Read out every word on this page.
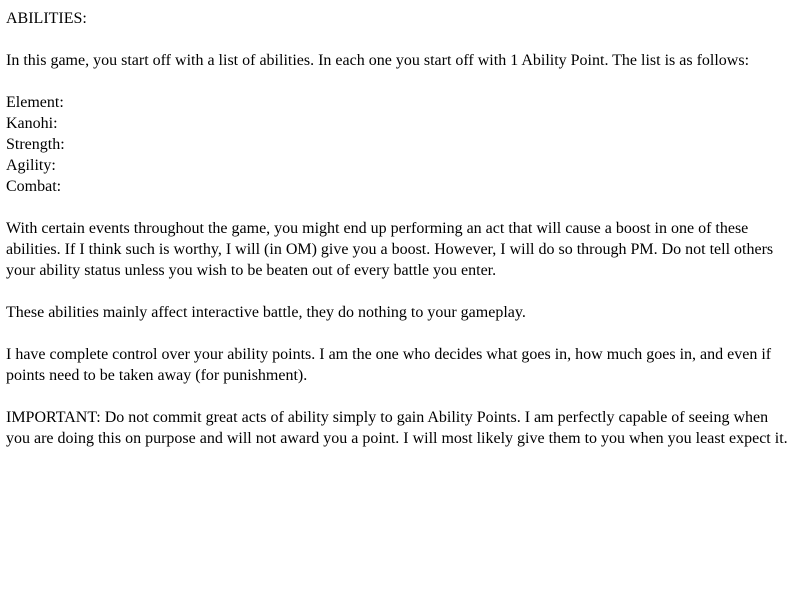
ABILITIES:

In this game, you start off with a list of abilities. In each one you start off with 1 Ability Point. The list is as follows:

Element:
Kanohi:
Strength:
Agility:
Combat:

With certain events throughout the game, you might end up performing an act that will cause a boost in one of these abilities. If I think such is worthy, I will (in OM) give you a boost. However, I will do so through PM. Do not tell others your ability status unless you wish to be beaten out of every battle you enter.

These abilities mainly affect interactive battle, they do nothing to your gameplay.

I have complete control over your ability points. I am the one who decides what goes in, how much goes in, and even if points need to be taken away (for punishment).

IMPORTANT: Do not commit great acts of ability simply to gain Ability Points. I am perfectly capable of seeing when you are doing this on purpose and will not award you a point. I will most likely give them to you when you least expect it.
